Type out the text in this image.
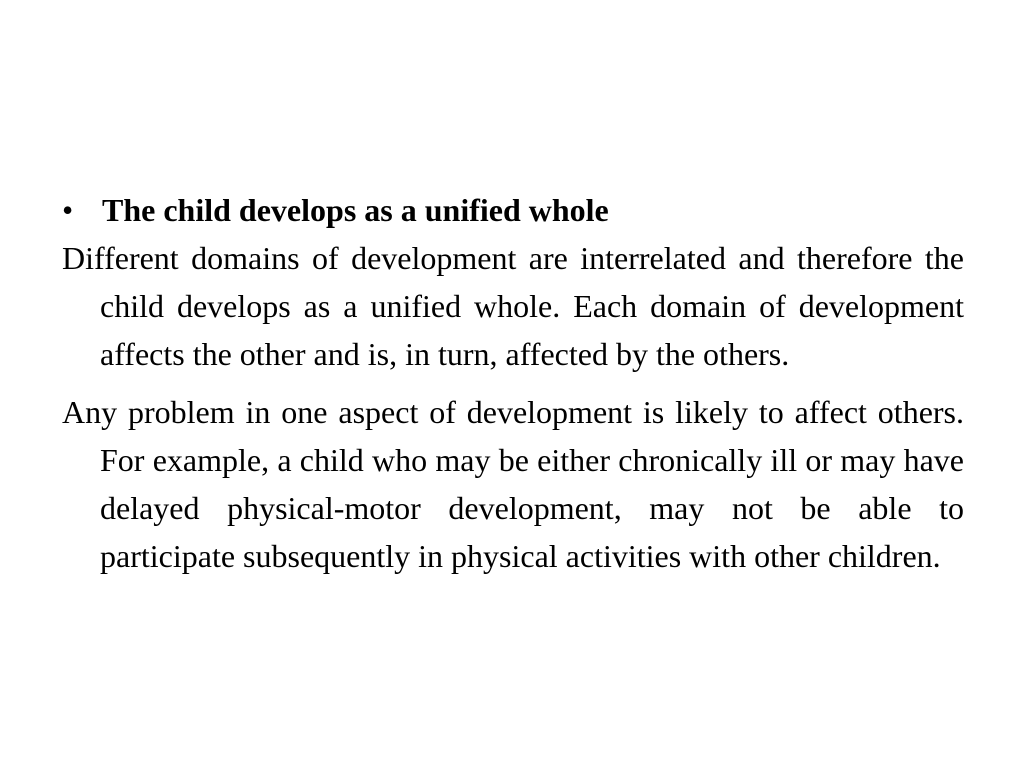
• The child develops as a unified whole

Different domains of development are interrelated and therefore the child develops as a unified whole. Each domain of development affects the other and is, in turn, affected by the others.

Any problem in one aspect of development is likely to affect others. For example, a child who may be either chronically ill or may have delayed physical-motor development, may not be able to participate subsequently in physical activities with other children.
